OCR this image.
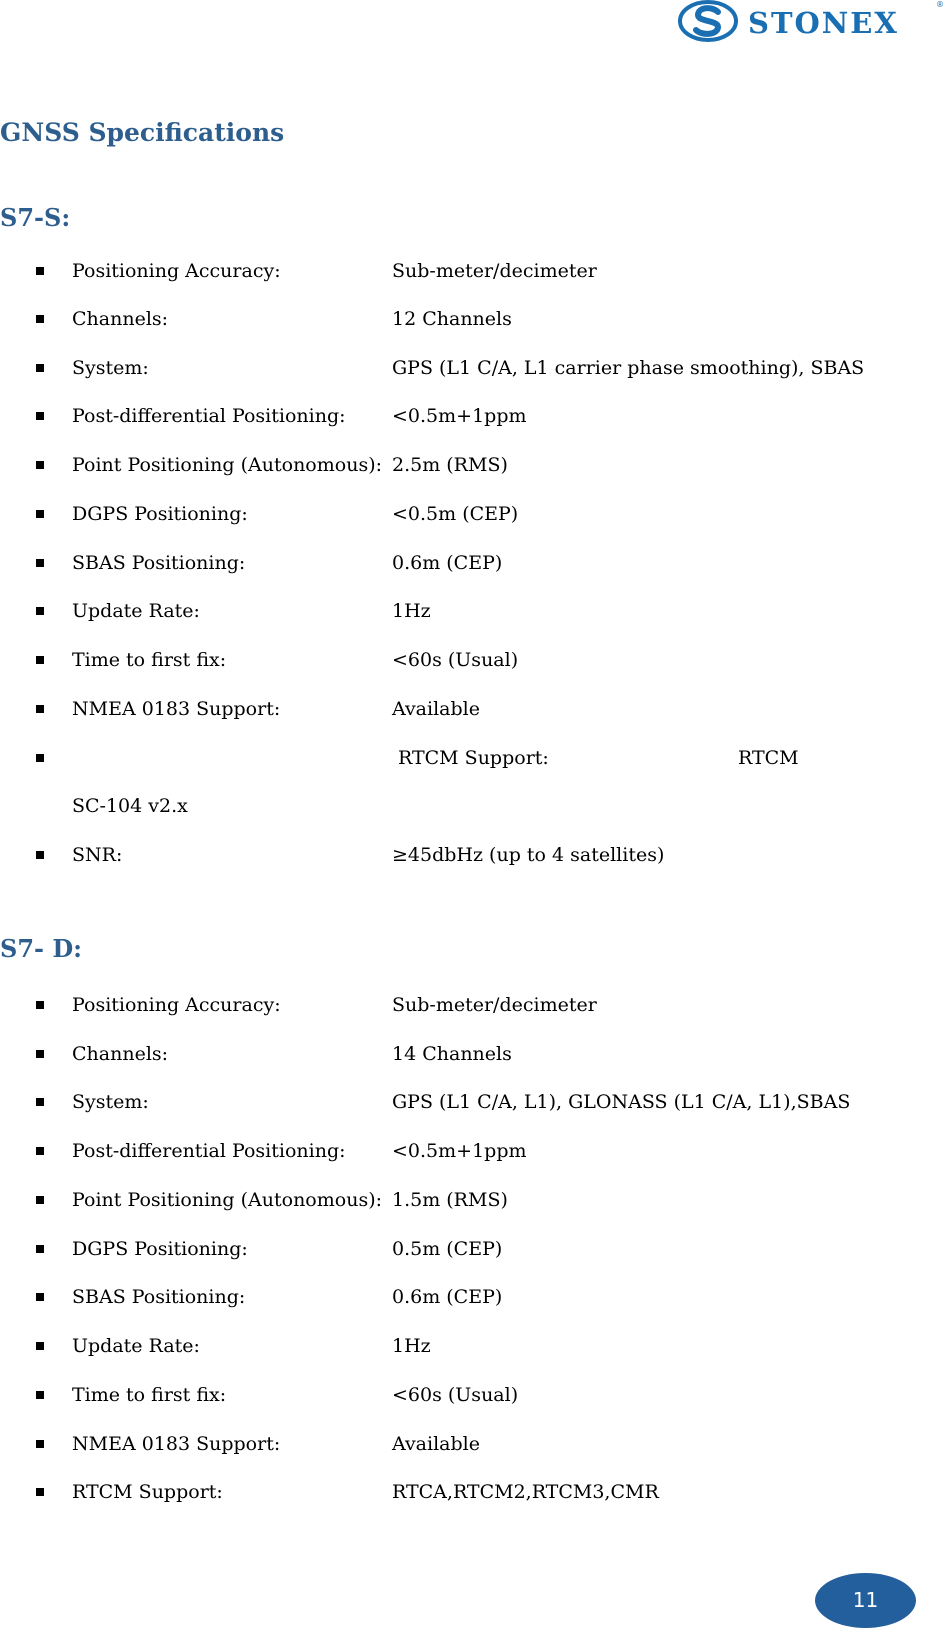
STONEX
®
GNSS Specifications
S7-S:
Positioning Accuracy:	Sub-meter/decimeter
Channels:	12 Channels
System:	GPS (L1 C/A, L1 carrier phase smoothing), SBAS
Post-differential Positioning: <0.5m+1ppm
Point Positioning (Autonomous): 2.5m (RMS)
DGPS Positioning:	<0.5m (CEP)
SBAS Positioning:	0.6m (CEP)
Update Rate:	1Hz
Time to first fix:	<60s (Usual)
NMEA 0183 Support:	Available
RTCM Support:	RTCM
SC-104 v2.x
SNR:	≥45dbHz (up to 4 satellites)
S7- D:
Positioning Accuracy:	Sub-meter/decimeter
Channels:	14 Channels
System:	GPS (L1 C/A, L1), GLONASS (L1 C/A, L1),SBAS
Post-differential Positioning: <0.5m+1ppm
Point Positioning (Autonomous): 1.5m (RMS)
DGPS Positioning:	0.5m (CEP)
SBAS Positioning:	0.6m (CEP)
Update Rate:	1Hz
Time to first fix:	<60s (Usual)
NMEA 0183 Support:	Available
RTCM Support:	RTCA,RTCM2,RTCM3,CMR
11
